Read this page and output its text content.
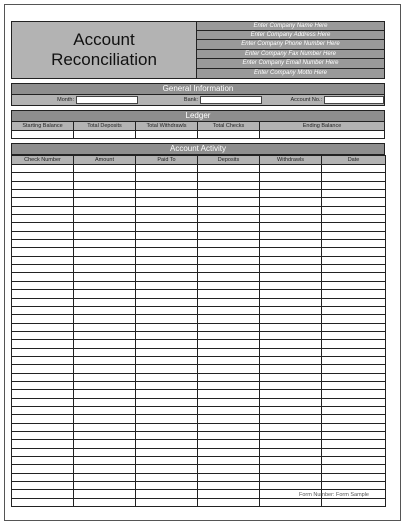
Account
Reconciliation
Enter Company Name Here
Enter Company Address Here
Enter Company Phone Number Here
Enter Company Fax Number Here
Enter Company Email Number Here
Enter Company Motto Here
General Information
Month:	Bank:	Account No.:
Ledger
Starting Balance	Total Deposits	Total Withdrawls	Total Checks	Ending Balance
Account Activity
Check Number	Amount	Paid To	Deposits	Withdrawls	Date

Form Number: Form Sample
